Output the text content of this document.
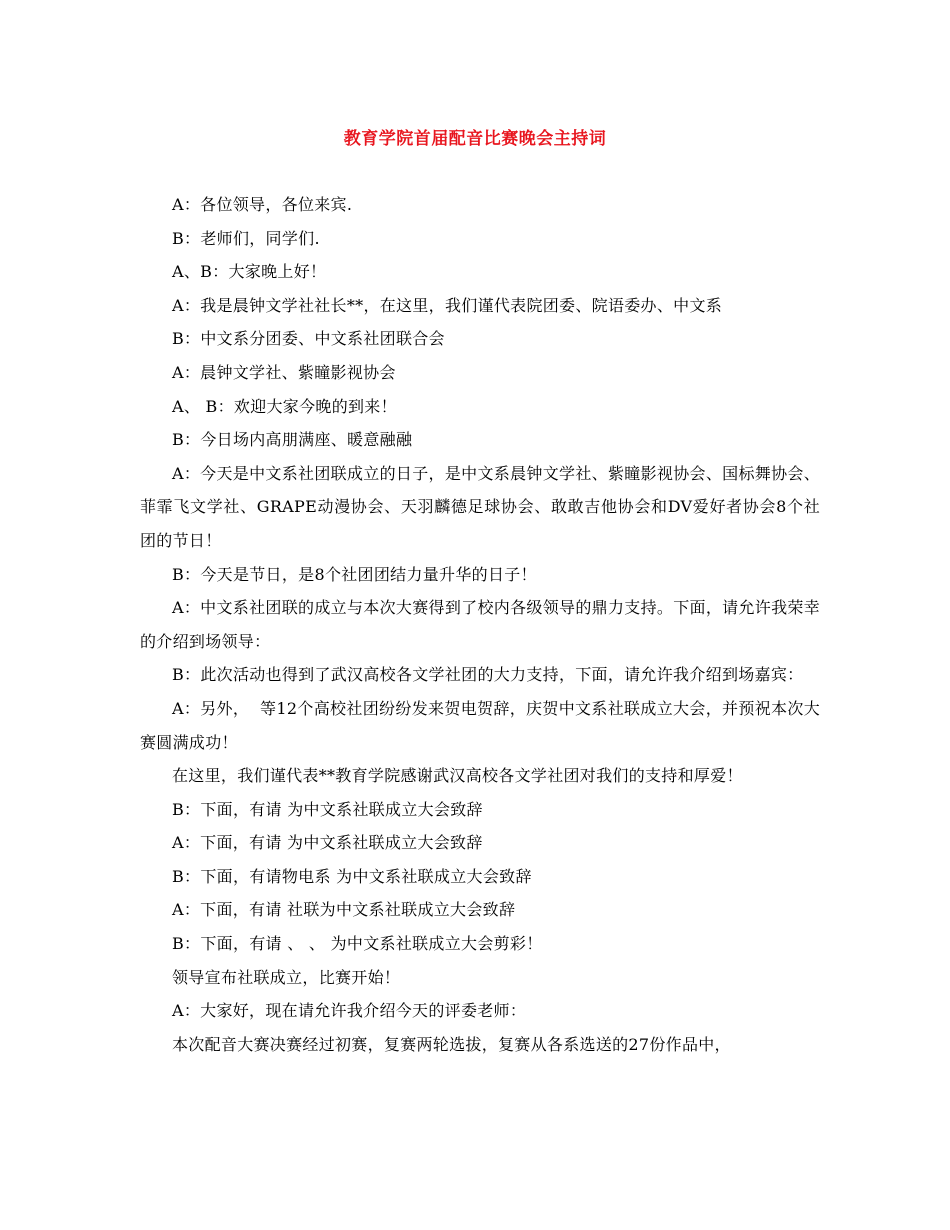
教育学院首届配音比赛晚会主持词

A：各位领导，各位来宾.

B：老师们，同学们.

A、B：大家晚上好！

A：我是晨钟文学社社长**，在这里，我们谨代表院团委、院语委办、中文系

B：中文系分团委、中文系社团联合会

A：晨钟文学社、紫瞳影视协会

A、 B：欢迎大家今晚的到来！

B：今日场内高朋满座、暖意融融

A：今天是中文系社团联成立的日子，是中文系晨钟文学社、紫瞳影视协会、国标舞协会、菲霏飞文学社、GRAPE动漫协会、天羽麟德足球协会、敢敢吉他协会和DV爱好者协会8个社团的节日！

B：今天是节日，是8个社团团结力量升华的日子！

A：中文系社团联的成立与本次大赛得到了校内各级领导的鼎力支持。下面，请允许我荣幸的介绍到场领导：

B：此次活动也得到了武汉高校各文学社团的大力支持，下面，请允许我介绍到场嘉宾：

A：另外，  等12个高校社团纷纷发来贺电贺辞，庆贺中文系社联成立大会，并预祝本次大赛圆满成功！

在这里，我们谨代表**教育学院感谢武汉高校各文学社团对我们的支持和厚爱！

B：下面，有请 为中文系社联成立大会致辞

A：下面，有请 为中文系社联成立大会致辞

B：下面，有请物电系 为中文系社联成立大会致辞

A：下面，有请 社联为中文系社联成立大会致辞

B：下面，有请 、 、 为中文系社联成立大会剪彩！

领导宣布社联成立，比赛开始！

A：大家好，现在请允许我介绍今天的评委老师：

本次配音大赛决赛经过初赛，复赛两轮选拔，复赛从各系选送的27份作品中，
